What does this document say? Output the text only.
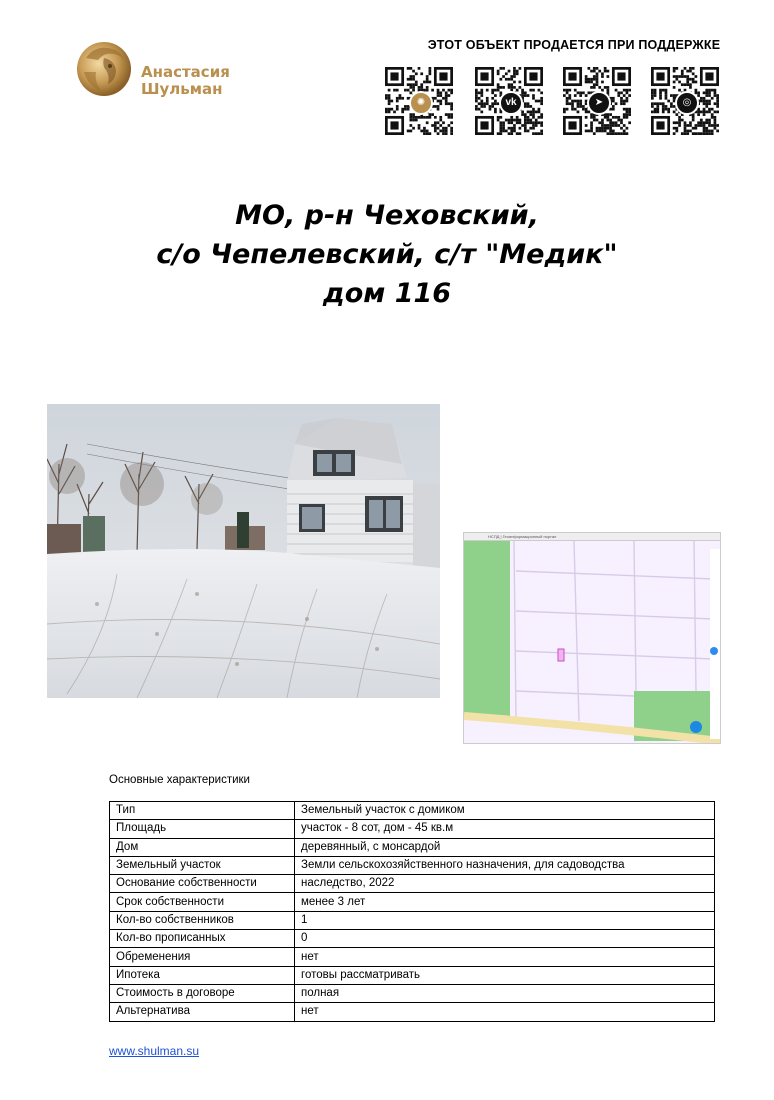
Анастасия
Шульман
ЭТОТ ОБЪЕКТ ПРОДАЕТСЯ ПРИ ПОДДЕРЖКЕ
✺	vk	➤	◎
МО, р-н Чеховский,
с/о Чепелевский, с/т "Медик"
дом 116
НСПД | Геоинформационный портал
Основные характеристики
Тип	Земельный участок с домиком
Площадь	участок - 8 сот, дом - 45 кв.м
Дом	деревянный, с монсардой
Земельный участок	Земли сельскохозяйственного назначения, для садоводства
Основание собственности	наследство, 2022
Срок собственности	менее 3 лет
Кол-во собственников	1
Кол-во прописанных	0
Обременения	нет
Ипотека	готовы рассматривать
Стоимость в договоре	полная
Альтернатива	нет
www.shulman.su
